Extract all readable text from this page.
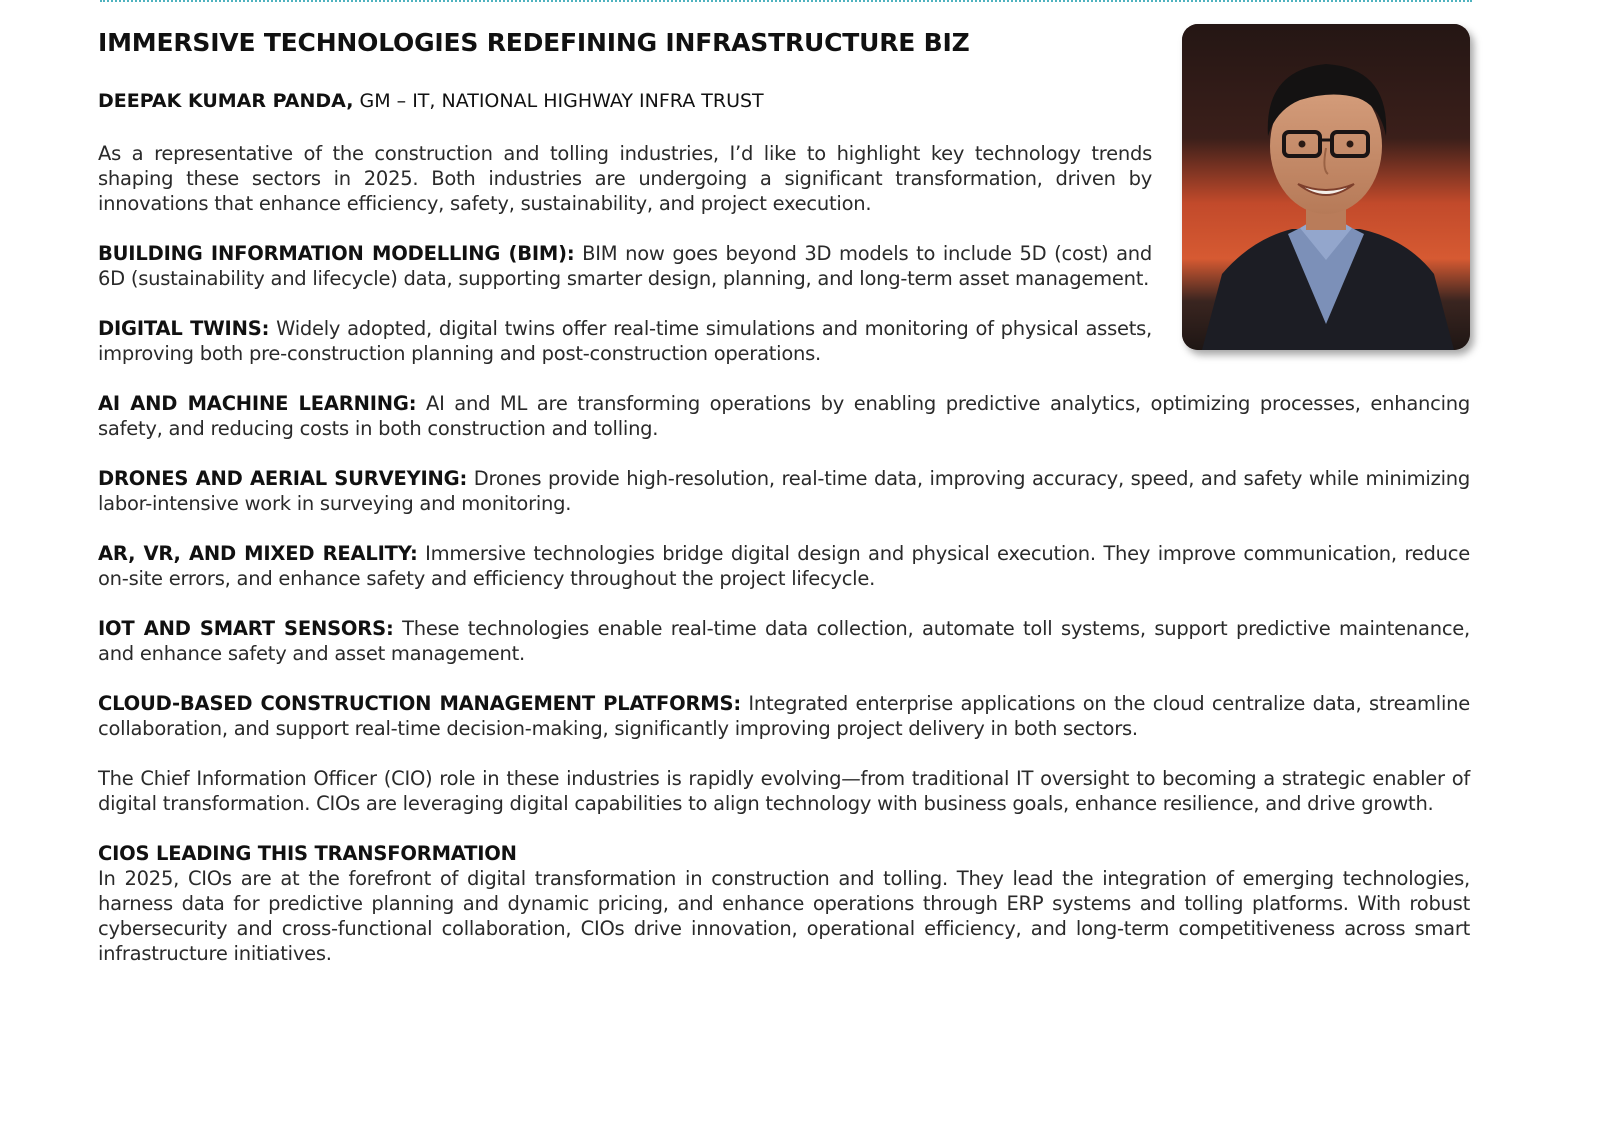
IMMERSIVE TECHNOLOGIES REDEFINING INFRASTRUCTURE BIZ
DEEPAK KUMAR PANDA, GM – IT, NATIONAL HIGHWAY INFRA TRUST

As a representative of the construction and tolling industries, I’d like to highlight key technology trends shaping these sectors in 2025. Both industries are undergoing a significant transformation, driven by innovations that enhance efficiency, safety, sustainability, and project execution.

BUILDING INFORMATION MODELLING (BIM): BIM now goes beyond 3D models to include 5D (cost) and 6D (sustainability and lifecycle) data, supporting smarter design, planning, and long-term asset management.

DIGITAL TWINS: Widely adopted, digital twins offer real-time simulations and monitoring of physical assets, improving both pre-construction planning and post-construction operations.

AI AND MACHINE LEARNING: AI and ML are transforming operations by enabling predictive analytics, optimizing processes, enhancing safety, and reducing costs in both construction and tolling.

DRONES AND AERIAL SURVEYING: Drones provide high-resolution, real-time data, improving accuracy, speed, and safety while minimizing labor-intensive work in surveying and monitoring.

AR, VR, AND MIXED REALITY: Immersive technologies bridge digital design and physical execution. They improve communication, reduce on-site errors, and enhance safety and efficiency throughout the project lifecycle.

IOT AND SMART SENSORS: These technologies enable real-time data collection, automate toll systems, support predictive maintenance, and enhance safety and asset management.

CLOUD-BASED CONSTRUCTION MANAGEMENT PLATFORMS: Integrated enterprise applications on the cloud centralize data, streamline collaboration, and support real-time decision-making, significantly improving project delivery in both sectors.

The Chief Information Officer (CIO) role in these industries is rapidly evolving—from traditional IT oversight to becoming a strategic enabler of digital transformation. CIOs are leveraging digital capabilities to align technology with business goals, enhance resilience, and drive growth.

CIOS LEADING THIS TRANSFORMATION

In 2025, CIOs are at the forefront of digital transformation in construction and tolling. They lead the integration of emerging technologies, harness data for predictive planning and dynamic pricing, and enhance operations through ERP systems and tolling platforms. With robust cybersecurity and cross-functional collaboration, CIOs drive innovation, operational efficiency, and long-term competitiveness across smart infrastructure initiatives.
